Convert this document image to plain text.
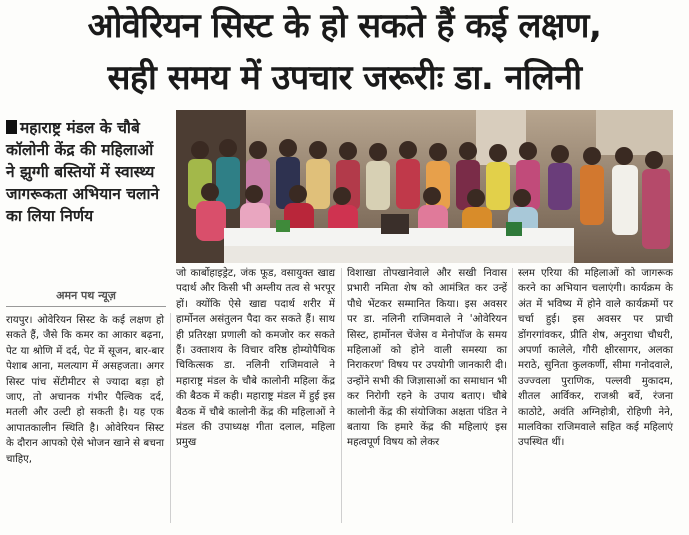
ओवेरियन सिस्ट के हो सकते हैं कई लक्षण,
सही समय में उपचार जरूरीः डा. नलिनी
महाराष्ट्र मंडल के चौबे कॉलोनी केंद्र की महिलाओं ने झुग्गी बस्तियों में स्वास्थ्य जागरूकता अभियान चलाने का लिया निर्णय
अमन पथ न्यूज़

रायपुर। ओवेरियन सिस्ट के कई लक्षण हो सकते हैं, जैसे कि कमर का आकार बढ़ना, पेट या श्रोणि में दर्द, पेट में सूजन, बार-बार पेशाब आना, मलत्याग में असहजता। अगर सिस्ट पांच सेंटीमीटर से ज्यादा बड़ा हो जाए, तो अचानक गंभीर पैल्विक दर्द, मतली और उल्टी हो सकती है। यह एक आपातकालीन स्थिति है। ओवेरियन सिस्ट के दौरान आपको ऐसे भोजन खाने से बचना चाहिए,

जो कार्बोहाइड्रेट, जंक फूड, वसायुक्त खाद्य पदार्थ और किसी भी अम्लीय तत्व से भरपूर हों। क्योंकि ऐसे खाद्य पदार्थ शरीर में हार्मोनल असंतुलन पैदा कर सकते हैं। साथ ही प्रतिरक्षा प्रणाली को कमजोर कर सकते हैं। उक्ताशय के विचार वरिष्ठ होम्योपैथिक चिकित्सक डा. नलिनी राजिमवाले ने महाराष्ट्र मंडल के चौबे कालोनी महिला केंद्र की बैठक में कही। महाराष्ट्र मंडल में हुई इस बैठक में चौबे कालोनी केंद्र की महिलाओं ने मंडल की उपाध्यक्ष गीता दलाल, महिला प्रमुख

विशाखा तोपखानेवाले और सखी निवास प्रभारी नमिता शेष को आमंत्रित कर उन्हें पौधे भेंटकर सम्मानित किया। इस अवसर पर डा. नलिनी राजिमवाले ने 'ओवेरियन सिस्ट, हार्मोनल चेंजेस व मेनोपॉज के समय महिलाओं को होने वाली समस्या का निराकरण' विषय पर उपयोगी जानकारी दी। उन्होंने सभी की जिज्ञासाओं का समाधान भी कर निरोगी रहने के उपाय बताए। चौबे कालोनी केंद्र की संयोजिका अक्षता पंडित ने बताया कि हमारे केंद्र की महिलाएं इस महत्वपूर्ण विषय को लेकर

स्लम एरिया की महिलाओं को जागरूक करने का अभियान चलाएंगी। कार्यक्रम के अंत में भविष्य में होने वाले कार्यक्रमों पर चर्चा हुई। इस अवसर पर प्राची डोंगरगांवकर, प्रीति शेष, अनुराधा चौधरी, अपर्णा कालेले, गौरी क्षीरसागर, अलका मराठे, सुनिता कुलकर्णी, सीमा गनोदवाले, उज्ज्वला पुराणिक, पल्लवी मुकादम, शीतल आर्विकर, राजश्री बर्वे, रंजना काठोटे, अवंति अग्निहोत्री, रोहिणी नेने, मालविका राजिमवाले सहित कई महिलाएं उपस्थित थीं।
